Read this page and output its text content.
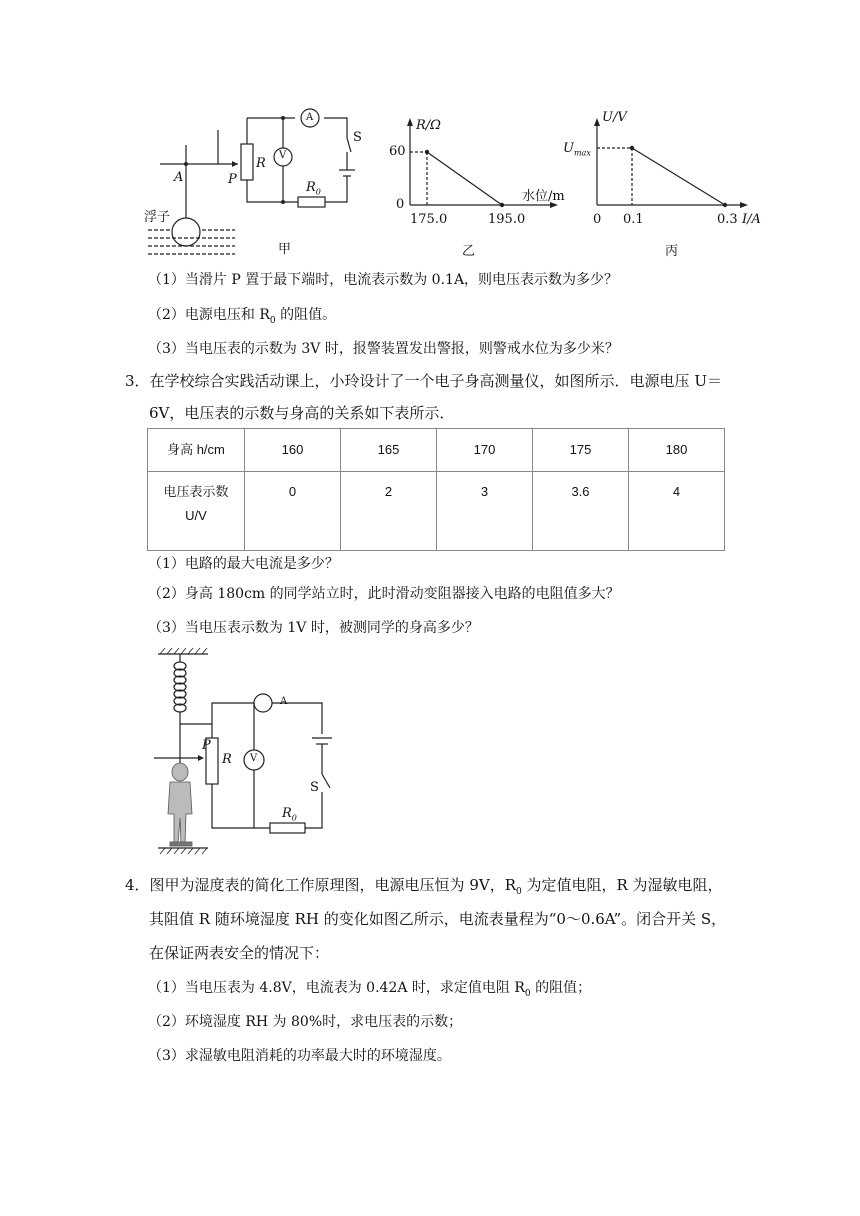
A	P
R
V
A
S
$R_0$
浮子
甲
R/Ω
60
0
水位/m
175.0	195.0
乙
U/V
$U_{max}$
0 0.1	0.3 I/A
丙
（1）当滑片 P 置于最下端时，电流表示数为 0.1A，则电压表示数为多少？
（2）电源电压和 $R_0$ 的阻值。
（3）当电压表的示数为 3V 时，报警装置发出警报，则警戒水位为多少米？
3．在学校综合实践活动课上，小玲设计了一个电子身高测量仪，如图所示．电源电压 U＝
6V，电压表的示数与身高的关系如下表所示．
身高 h/cm	160	165	170	175	180

电压表示数
U/V	0	2	3	3.6	4
（1）电路的最大电流是多少？
（2）身高 180cm 的同学站立时，此时滑动变阻器接入电路的电阻值多大？
（3）当电压表示数为 1V 时，被测同学的身高多少？
A
P
R V
S
$R_0$
4．图甲为湿度表的简化工作原理图，电源电压恒为 9V，$R_0$ 为定值电阻，R 为湿敏电阻，
其阻值 R 随环境湿度 RH 的变化如图乙所示，电流表量程为“0～0.6A”。闭合开关 S，
在保证两表安全的情况下：
（1）当电压表为 4.8V，电流表为 0.42A 时，求定值电阻 $R_0$ 的阻值；
（2）环境湿度 RH 为 80%时，求电压表的示数；
（3）求湿敏电阻消耗的功率最大时的环境湿度。
